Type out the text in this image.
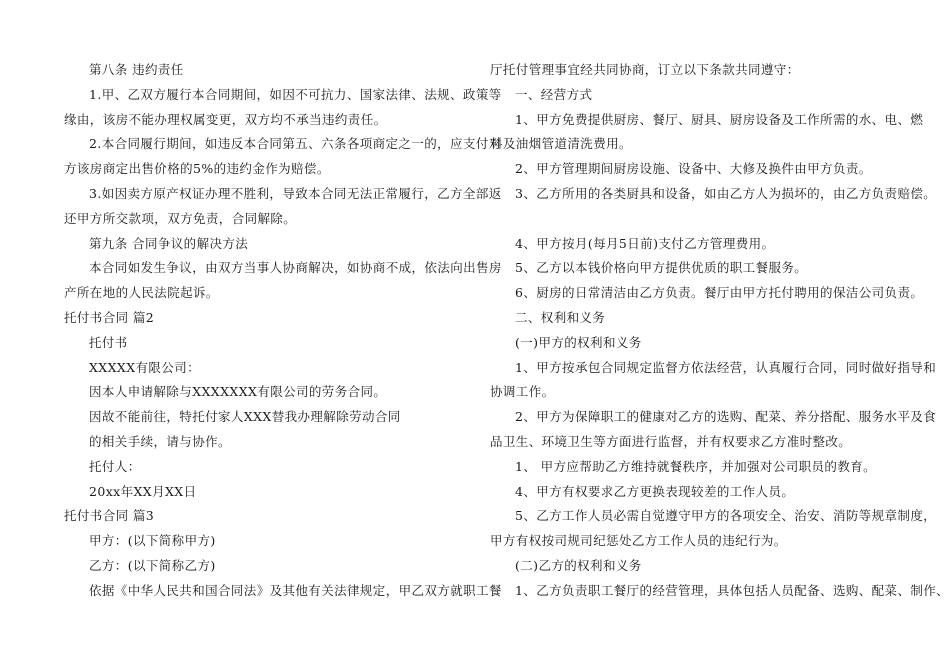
第八条 违约责任
1.甲、乙双方履行本合同期间，如因不可抗力、国家法律、法规、政策等
缘由，该房不能办理权属变更，双方均不承当违约责任。
2.本合同履行期间，如违反本合同第五、六条各项商定之一的，应支付对
方该房商定出售价格的5%的违约金作为赔偿。
3.如因卖方原产权证办理不胜利，导致本合同无法正常履行，乙方全部返
还甲方所交款项，双方免责，合同解除。
第九条 合同争议的解决方法
本合同如发生争议，由双方当事人协商解决，如协商不成，依法向出售房
产所在地的人民法院起诉。
托付书合同 篇2
托付书
XXXXX有限公司：
因本人申请解除与XXXXXXX有限公司的劳务合同。
因故不能前往，特托付家人XXX替我办理解除劳动合同
的相关手续，请与协作。
托付人：
20xx年XX月XX日
托付书合同 篇3
甲方：(以下简称甲方)
乙方：(以下简称乙方)
依据《中华人民共和国合同法》及其他有关法律规定，甲乙双方就职工餐
厅托付管理事宜经共同协商，订立以下条款共同遵守：
一、经营方式
1、甲方免费提供厨房、餐厅、厨具、厨房设备及工作所需的水、电、燃
料及油烟管道清洗费用。
2、甲方管理期间厨房设施、设备中、大修及换件由甲方负责。
3、乙方所用的各类厨具和设备，如由乙方人为损坏的，由乙方负责赔偿。
4、甲方按月(每月5日前)支付乙方管理费用。
5、乙方以本钱价格向甲方提供优质的职工餐服务。
6、厨房的日常清洁由乙方负责。餐厅由甲方托付聘用的保洁公司负责。
二、权利和义务
(一)甲方的权利和义务
1、甲方按承包合同规定监督方依法经营，认真履行合同，同时做好指导和
协调工作。
2、甲方为保障职工的健康对乙方的选购、配菜、养分搭配、服务水平及食
品卫生、环境卫生等方面进行监督，并有权要求乙方准时整改。
1、 甲方应帮助乙方维持就餐秩序，并加强对公司职员的教育。
4、甲方有权要求乙方更换表现较差的工作人员。
5、乙方工作人员必需自觉遵守甲方的各项安全、治安、消防等规章制度，
甲方有权按司规司纪惩处乙方工作人员的违纪行为。
(二)乙方的权利和义务
1、乙方负责职工餐厅的经营管理，具体包括人员配备、选购、配菜、制作、
